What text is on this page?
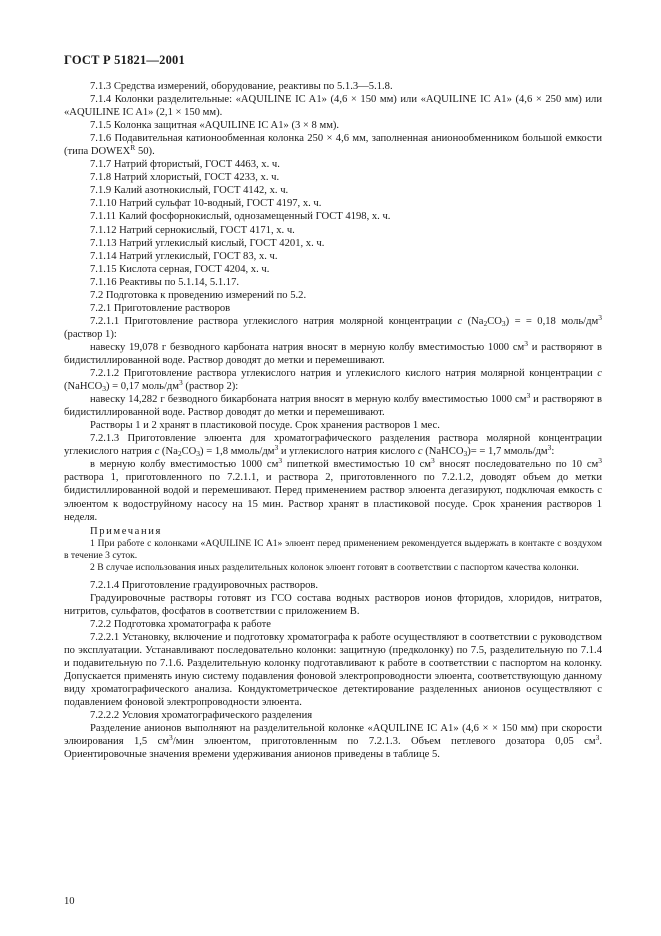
ГОСТ Р 51821—2001

7.1.3 Средства измерений, оборудование, реактивы по 5.1.3—5.1.8.

7.1.4 Колонки разделительные: «AQUILINE IC A1» (4,6 × 150 мм) или «AQUILINE IC A1» (4,6 × 250 мм) или «AQUILINE IC A1» (2,1 × 150 мм).

7.1.5 Колонка защитная «AQUILINE IC A1» (3 × 8 мм).

7.1.6 Подавительная катионообменная колонка 250 × 4,6 мм, заполненная анионообменником большой емкости (типа $DOWEX^R$ 50).

7.1.7 Натрий фтористый, ГОСТ 4463, х. ч.

7.1.8 Натрий хлористый, ГОСТ 4233, х. ч.

7.1.9 Калий азотнокислый, ГОСТ 4142, х. ч.

7.1.10 Натрий сульфат 10-водный, ГОСТ 4197, х. ч.

7.1.11 Калий фосфорнокислый, однозамещенный ГОСТ 4198, х. ч.

7.1.12 Натрий сернокислый, ГОСТ 4171, х. ч.

7.1.13 Натрий углекислый кислый, ГОСТ 4201, х. ч.

7.1.14 Натрий углекислый, ГОСТ 83, х. ч.

7.1.15 Кислота серная, ГОСТ 4204, х. ч.

7.1.16 Реактивы по 5.1.14, 5.1.17.

7.2 Подготовка к проведению измерений по 5.2.

7.2.1 Приготовление растворов

7.2.1.1 Приготовление раствора углекислого натрия молярной концентрации c $(Na_2CO_3)$ = = 0,18 моль/$дм^3$ (раствор 1):

навеску 19,078 г безводного карбоната натрия вносят в мерную колбу вместимостью 1000 $см^3$ и растворяют в бидистиллированной воде. Раствор доводят до метки и перемешивают.

7.2.1.2 Приготовление раствора углекислого натрия и углекислого кислого натрия молярной концентрации c (NaHCO$_3$) = 0,17 моль/$дм^3$ (раствор 2):

навеску 14,282 г безводного бикарбоната натрия вносят в мерную колбу вместимостью 1000 $см^3$ и растворяют в бидистиллированной воде. Раствор доводят до метки и перемешивают.

Растворы 1 и 2 хранят в пластиковой посуде. Срок хранения растворов 1 мес.

7.2.1.3 Приготовление элюента для хроматографического разделения раствора молярной концентрации углекислого натрия c $(Na_2CO_3) = 1,8$ ммоль/$дм^3$ и углекислого натрия кислого c (NaHCO$_3$)= = 1,7 ммоль/$дм^3$:

в мерную колбу вместимостью 1000 $см^3$ пипеткой вместимостью 10 $см^3$ вносят последовательно по 10 $см^3$ раствора 1, приготовленного по 7.2.1.1, и раствора 2, приготовленного по 7.2.1.2, доводят объем до метки бидистиллированной водой и перемешивают. Перед применением раствор элюента дегазируют, подключая емкость с элюентом к водоструйному насосу на 15 мин. Раствор хранят в пластиковой посуде. Срок хранения растворов 1 неделя.

Примечания

1 При работе с колонками «AQUILINE IC A1» элюент перед применением рекомендуется выдержать в контакте с воздухом в течение 3 суток.

2 В случае использования иных разделительных колонок элюент готовят в соответствии с паспортом качества колонки.

7.2.1.4 Приготовление градуировочных растворов.

Градуировочные растворы готовят из ГСО состава водных растворов ионов фторидов, хлоридов, нитратов, нитритов, сульфатов, фосфатов в соответствии с приложением В.

7.2.2 Подготовка хроматографа к работе

7.2.2.1 Установку, включение и подготовку хроматографа к работе осуществляют в соответствии с руководством по эксплуатации. Устанавливают последовательно колонки: защитную (предколонку) по 7.5, разделительную по 7.1.4 и подавительную по 7.1.6. Разделительную колонку подготавливают к работе в соответствии с паспортом на колонку. Допускается применять иную систему подавления фоновой электропроводности элюента, соответствующую данному виду хроматографического анализа. Кондуктометрическое детектирование разделенных анионов осуществляют с подавлением фоновой электропроводности элюента.

7.2.2.2 Условия хроматографического разделения

Разделение анионов выполняют на разделительной колонке «AQUILINE IC A1» (4,6 × × 150 мм) при скорости элюирования 1,5 $см^3$/мин элюентом, приготовленным по 7.2.1.3. Объем петлевого дозатора 0,05 $см^3$. Ориентировочные значения времени удерживания анионов приведены в таблице 5.

10
